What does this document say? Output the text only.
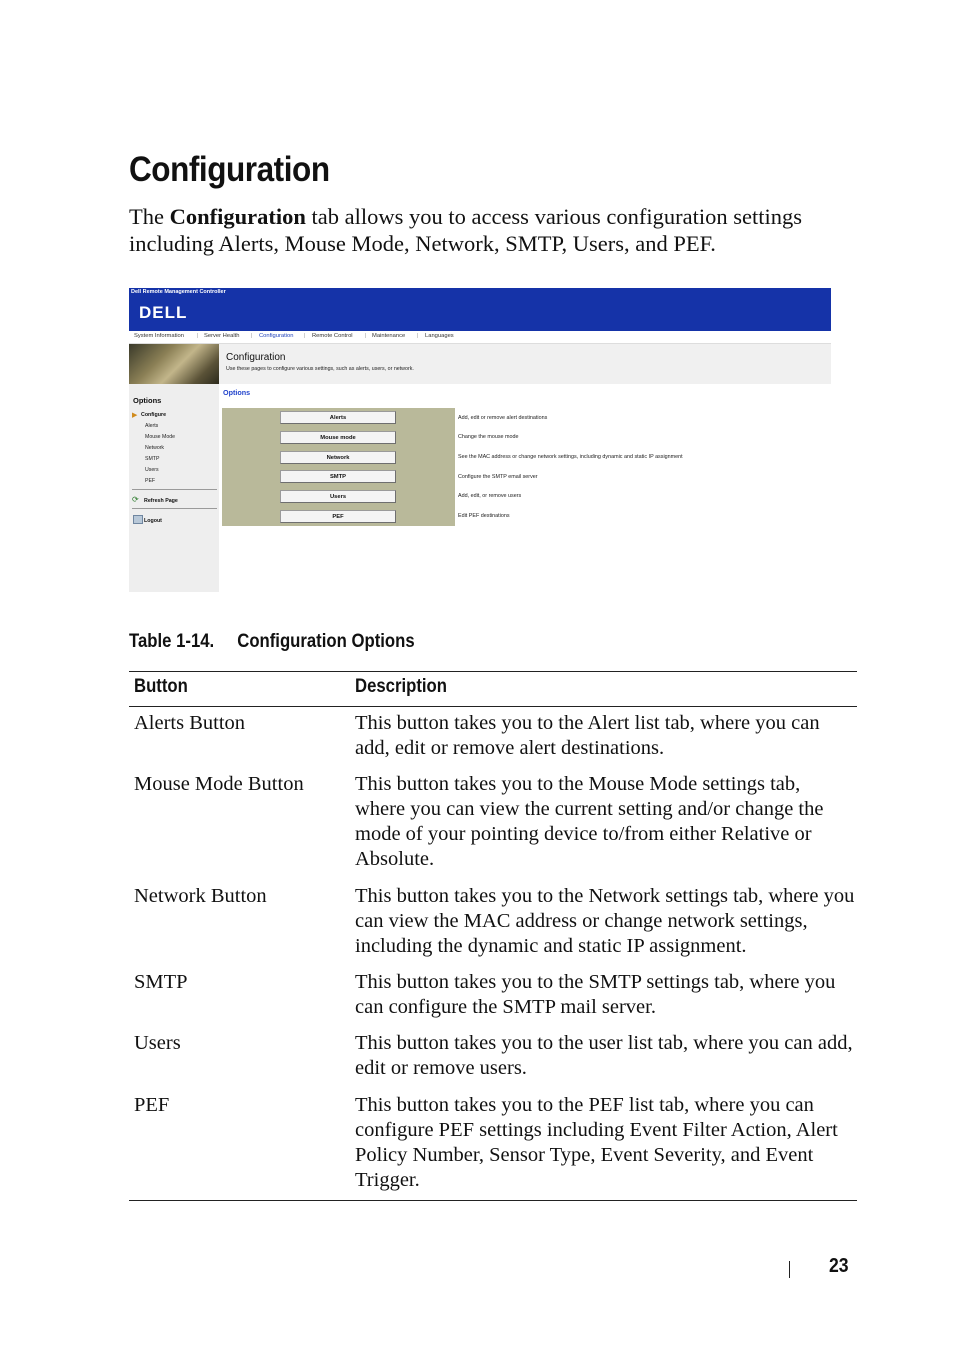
Configuration
The Configuration tab allows you to access various configuration settings including Alerts, Mouse Mode, Network, SMTP, Users, and PEF.
Dell Remote Management Controller
DELL
System Information | Server Health | Configuration | Remote Control | Maintenance | Languages
Configuration
Use these pages to configure various settings, such as alerts, users, or network.
Options
▶ Configure
Alerts
Mouse Mode
Network
SMTP
Users
PEF
⟳ Refresh Page
Logout
Options
Alerts
Mouse mode
Network
SMTP
Users
PEF
Add, edit or remove alert destinations
Change the mouse mode
See the MAC address or change network settings, including dynamic and static IP assignment
Configure the SMTP email server
Add, edit, or remove users
Edit PEF destinations
Table 1-14. Configuration Options
Button	Description
Alerts Button	This button takes you to the Alert list tab, where you can add, edit or remove alert destinations.
Mouse Mode Button	This button takes you to the Mouse Mode settings tab, where you can view the current setting and/or change the mode of your pointing device to/from either Relative or Absolute.
Network Button	This button takes you to the Network settings tab, where you can view the MAC address or change network settings, including the dynamic and static IP assignment.
SMTP	This button takes you to the SMTP settings tab, where you can configure the SMTP mail server.
Users	This button takes you to the user list tab, where you can add, edit or remove users.
PEF	This button takes you to the PEF list tab, where you can configure PEF settings including Event Filter Action, Alert Policy Number, Sensor Type, Event Severity, and Event Trigger.
23
